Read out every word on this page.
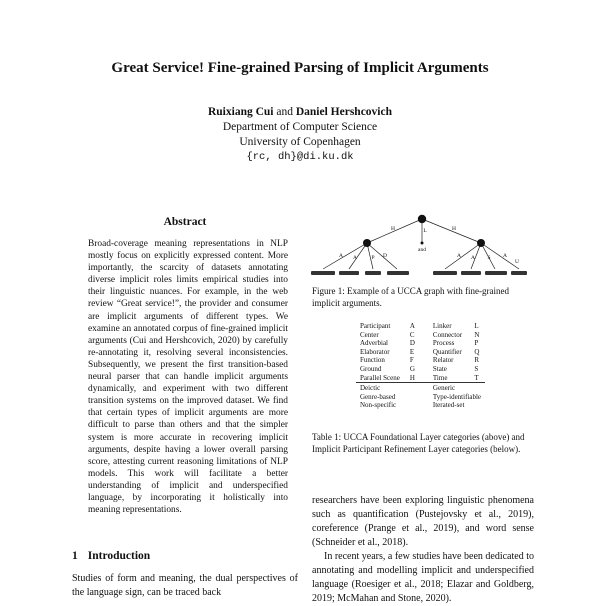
Great Service! Fine-grained Parsing of Implicit Arguments
Ruixiang Cui and Daniel Hershcovich
Department of Computer Science
University of Copenhagen
{rc, dh}@di.ku.dk
Abstract
Broad-coverage meaning representations in NLP mostly focus on explicitly expressed content. More importantly, the scarcity of datasets annotating diverse implicit roles limits empirical studies into their linguistic nuances. For example, in the web review “Great service!”, the provider and consumer are implicit arguments of different types. We examine an annotated corpus of fine-grained implicit arguments (Cui and Hershcovich, 2020) by carefully re-annotating it, resolving several inconsistencies. Subsequently, we present the first transition-based neural parser that can handle implicit arguments dynamically, and experiment with two different transition systems on the improved dataset. We find that certain types of implicit arguments are more difficult to parse than others and that the simpler system is more accurate in recovering implicit arguments, despite having a lower overall parsing score, attesting current reasoning limitations of NLP models. This work will facilitate a better understanding of implicit and underspecified language, by incorporating it holistically into meaning representations.
1 Introduction
Studies of form and meaning, the dual perspectives of the language sign, can be traced back
H	L	H
A A	P D	A A S A
U
and
Figure 1: Example of a UCCA graph with fine-grained implicit arguments.
Participant	A	Linker	L
Center	C	Connector	N
Adverbial	D	Process	P
Elaborator	E	Quantifier	Q
Function	F	Relator	R
Ground	G	State	S
Parallel Scene	H	Time	T
Deictic		Generic	
Genre-based		Type-identifiable	
Non-specific		Iterated-set	
Table 1: UCCA Foundational Layer categories (above) and Implicit Participant Refinement Layer categories (below).

researchers have been exploring linguistic phenomena such as quantification (Pustejovsky et al., 2019), coreference (Prange et al., 2019), and word sense (Schneider et al., 2018).

In recent years, a few studies have been dedicated to annotating and modelling implicit and underspecified language (Roesiger et al., 2018; Elazar and Goldberg, 2019; McMahan and Stone, 2020).
